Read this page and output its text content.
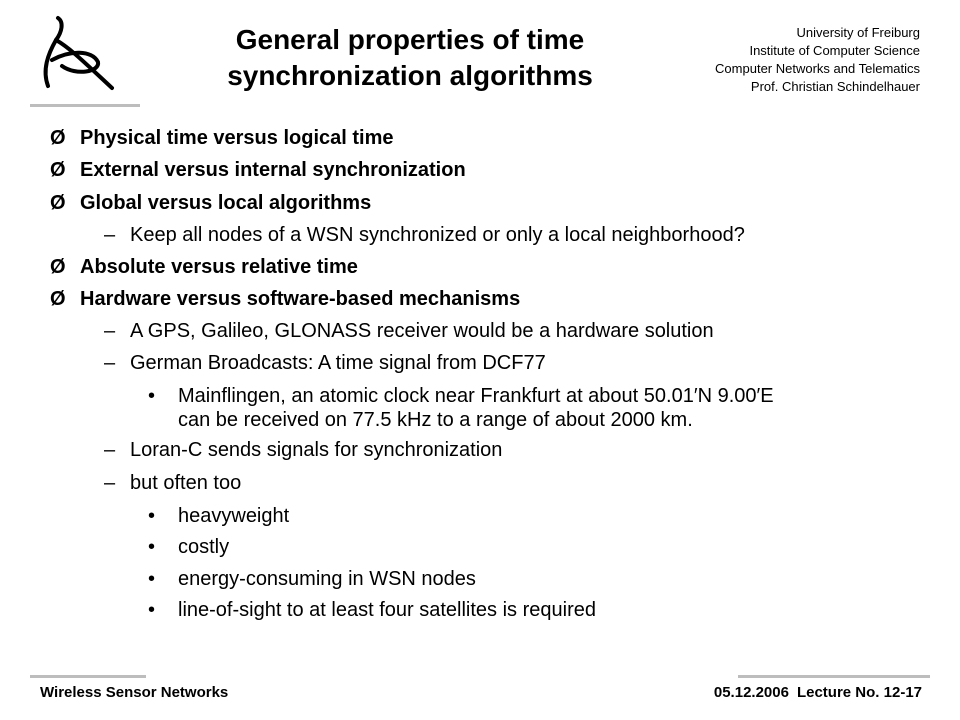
General properties of time
synchronization algorithms
University of Freiburg
Institute of Computer Science
Computer Networks and Telematics
Prof. Christian Schindelhauer
Ø Physical time versus logical time
Ø External versus internal synchronization
Ø Global versus local algorithms
– Keep all nodes of a WSN synchronized or only a local neighborhood?
Ø Absolute versus relative time
Ø Hardware versus software-based mechanisms
– A GPS, Galileo, GLONASS receiver would be a hardware solution
– German Broadcasts: A time signal from DCF77
• Mainflingen, an atomic clock near Frankfurt at about 50.01′N 9.00′E
can be received on 77.5 kHz to a range of about 2000 km.
– Loran-C sends signals for synchronization
– but often too
• heavyweight
• costly
• energy-consuming in WSN nodes
• line-of-sight to at least four satellites is required
Wireless Sensor Networks	05.12.2006 Lecture No. 12-17
